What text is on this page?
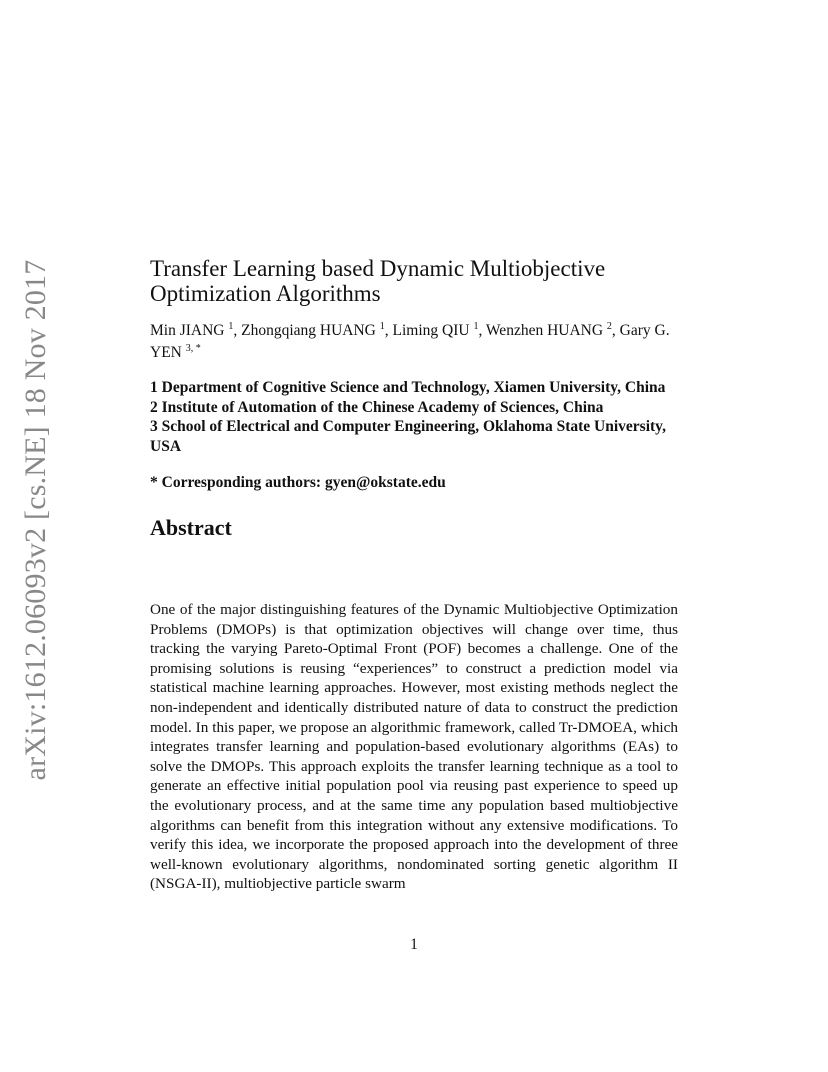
arXiv:1612.06093v2 [cs.NE] 18 Nov 2017	Transfer Learning based Dynamic Multiobjective Optimization Algorithms
Min JIANG $^1$, Zhongqiang HUANG $^1$, Liming QIU $^1$, Wenzhen HUANG $^2$, Gary G. YEN $^{3, *}$

1 Department of Cognitive Science and Technology, Xiamen University, China

2 Institute of Automation of the Chinese Academy of Sciences, China

3 School of Electrical and Computer Engineering, Oklahoma State University, USA

* Corresponding authors: gyen@okstate.edu

Abstract

One of the major distinguishing features of the Dynamic Multiobjective Optimization Problems (DMOPs) is that optimization objectives will change over time, thus tracking the varying Pareto-Optimal Front (POF) becomes a challenge. One of the promising solutions is reusing “experiences” to construct a prediction model via statistical machine learning approaches. However, most existing methods neglect the non-independent and identically distributed nature of data to construct the prediction model. In this paper, we propose an algorithmic framework, called Tr-DMOEA, which integrates transfer learning and population-based evolutionary algorithms (EAs) to solve the DMOPs. This approach exploits the transfer learning technique as a tool to generate an effective initial population pool via reusing past experience to speed up the evolutionary process, and at the same time any population based multiobjective algorithms can benefit from this integration without any extensive modifications. To verify this idea, we incorporate the proposed approach into the development of three well-known evolutionary algorithms, nondominated sorting genetic algorithm II (NSGA-II), multiobjective particle swarm

1
